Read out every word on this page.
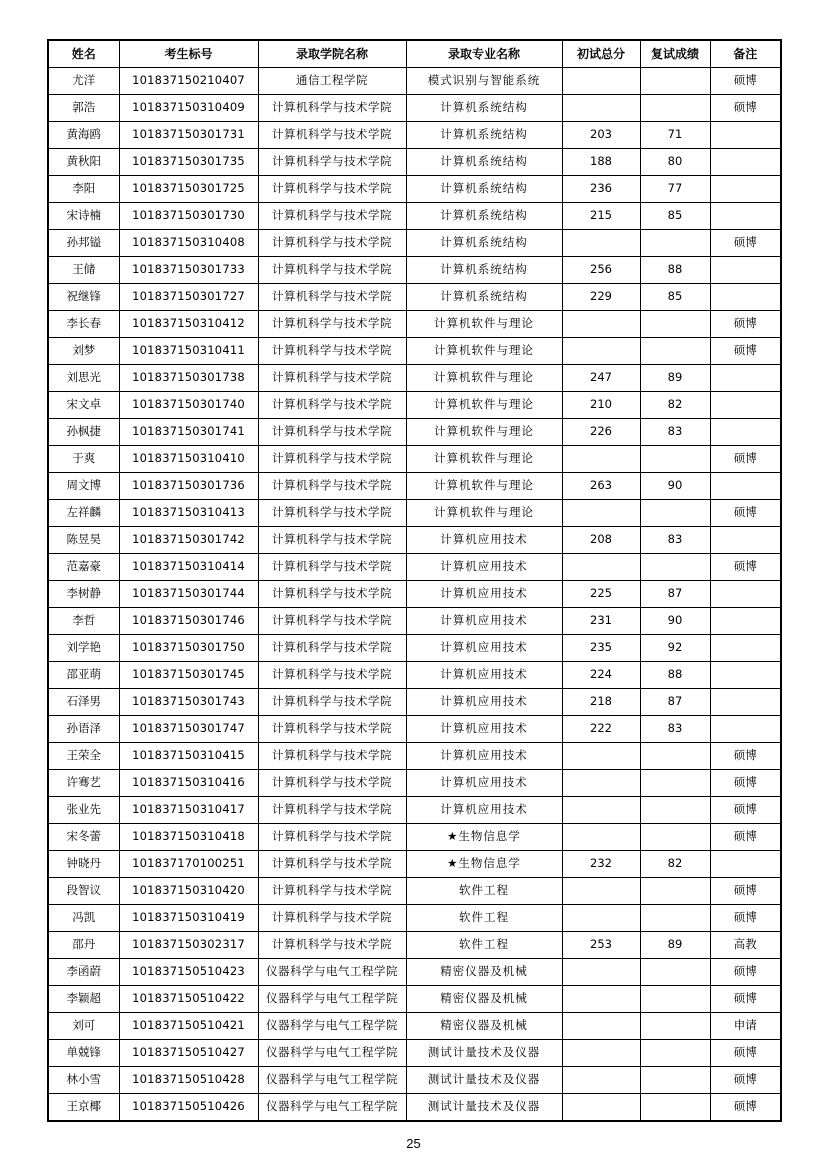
姓名	考生标号	录取学院名称	录取专业名称	初试总分	复试成绩	备注
尤洋	101837150210407	通信工程学院	模式识别与智能系统			硕博
郭浩	101837150310409	计算机科学与技术学院	计算机系统结构			硕博
黄海鸥	101837150301731	计算机科学与技术学院	计算机系统结构	203	71	
黄秋阳	101837150301735	计算机科学与技术学院	计算机系统结构	188	80	
李阳	101837150301725	计算机科学与技术学院	计算机系统结构	236	77	
宋诗楠	101837150301730	计算机科学与技术学院	计算机系统结构	215	85	
孙邦镒	101837150310408	计算机科学与技术学院	计算机系统结构			硕博
王储	101837150301733	计算机科学与技术学院	计算机系统结构	256	88	
祝继锋	101837150301727	计算机科学与技术学院	计算机系统结构	229	85	
李长春	101837150310412	计算机科学与技术学院	计算机软件与理论			硕博
刘梦	101837150310411	计算机科学与技术学院	计算机软件与理论			硕博
刘思光	101837150301738	计算机科学与技术学院	计算机软件与理论	247	89	
宋文卓	101837150301740	计算机科学与技术学院	计算机软件与理论	210	82	
孙枫捷	101837150301741	计算机科学与技术学院	计算机软件与理论	226	83	
于爽	101837150310410	计算机科学与技术学院	计算机软件与理论			硕博
周文博	101837150301736	计算机科学与技术学院	计算机软件与理论	263	90	
左祥麟	101837150310413	计算机科学与技术学院	计算机软件与理论			硕博
陈昱昊	101837150301742	计算机科学与技术学院	计算机应用技术	208	83	
范嘉豪	101837150310414	计算机科学与技术学院	计算机应用技术			硕博
李树静	101837150301744	计算机科学与技术学院	计算机应用技术	225	87	
李哲	101837150301746	计算机科学与技术学院	计算机应用技术	231	90	
刘学艳	101837150301750	计算机科学与技术学院	计算机应用技术	235	92	
邵亚萌	101837150301745	计算机科学与技术学院	计算机应用技术	224	88	
石泽男	101837150301743	计算机科学与技术学院	计算机应用技术	218	87	
孙语泽	101837150301747	计算机科学与技术学院	计算机应用技术	222	83	
王荣全	101837150310415	计算机科学与技术学院	计算机应用技术			硕博
许骞艺	101837150310416	计算机科学与技术学院	计算机应用技术			硕博
张业先	101837150310417	计算机科学与技术学院	计算机应用技术			硕博
宋冬蕾	101837150310418	计算机科学与技术学院	★生物信息学			硕博
钟晓丹	101837170100251	计算机科学与技术学院	★生物信息学	232	82	
段智议	101837150310420	计算机科学与技术学院	软件工程			硕博
冯凯	101837150310419	计算机科学与技术学院	软件工程			硕博
邵丹	101837150302317	计算机科学与技术学院	软件工程	253	89	高教
李函蔚	101837150510423	仪器科学与电气工程学院	精密仪器及机械			硕博
李颖超	101837150510422	仪器科学与电气工程学院	精密仪器及机械			硕博
刘可	101837150510421	仪器科学与电气工程学院	精密仪器及机械			申请
单兢锋	101837150510427	仪器科学与电气工程学院	测试计量技术及仪器			硕博
林小雪	101837150510428	仪器科学与电气工程学院	测试计量技术及仪器			硕博
王京椰	101837150510426	仪器科学与电气工程学院	测试计量技术及仪器			硕博
25
